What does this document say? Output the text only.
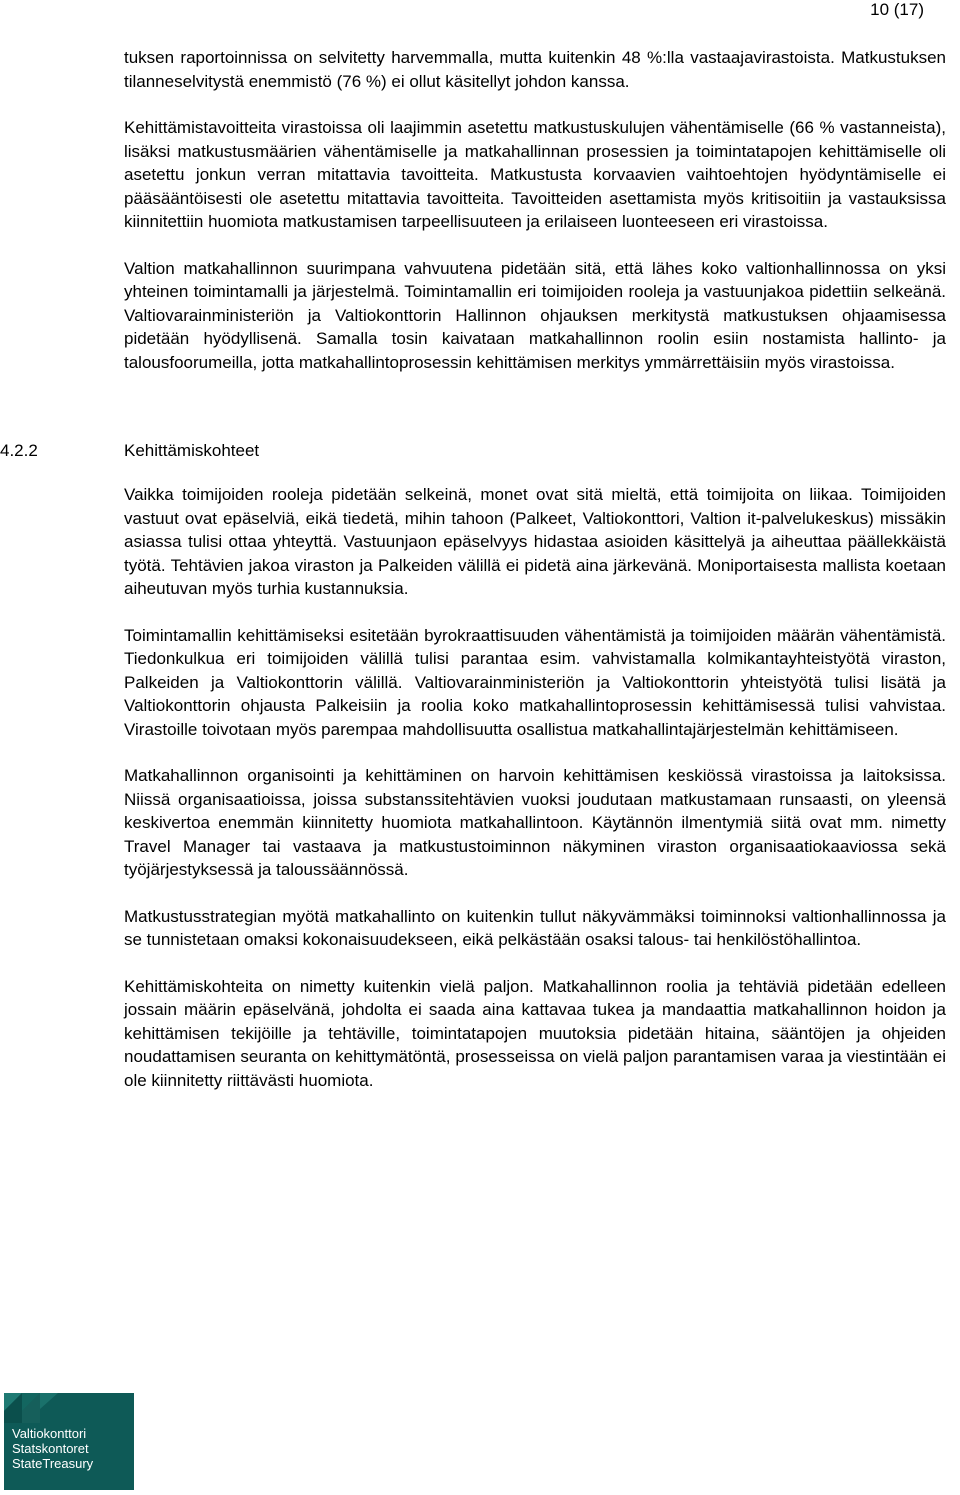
10 (17)

tuksen raportoinnissa on selvitetty harvemmalla, mutta kuitenkin 48 %:lla vastaajavirastoista. Matkustuksen tilanneselvitystä enemmistö (76 %) ei ollut käsitellyt johdon kanssa.

Kehittämistavoitteita virastoissa oli laajimmin asetettu matkustuskulujen vähentämiselle (66 % vastanneista), lisäksi matkustusmäärien vähentämiselle ja matkahallinnan prosessien ja toimintatapojen kehittämiselle oli asetettu jonkun verran mitattavia tavoitteita. Matkustusta korvaavien vaihtoehtojen hyödyntämiselle ei pääsääntöisesti ole asetettu mitattavia tavoitteita. Tavoitteiden asettamista myös kritisoitiin ja vastauksissa kiinnitettiin huomiota matkustamisen tarpeellisuuteen ja erilaiseen luonteeseen eri virastoissa.

Valtion matkahallinnon suurimpana vahvuutena pidetään sitä, että lähes koko valtionhallinnossa on yksi yhteinen toimintamalli ja järjestelmä. Toimintamallin eri toimijoiden rooleja ja vastuunjakoa pidettiin selkeänä. Valtiovarainministeriön ja Valtiokonttorin Hallinnon ohjauksen merkitystä matkustuksen ohjaamisessa pidetään hyödyllisenä. Samalla tosin kaivataan matkahallinnon roolin esiin nostamista hallinto- ja talousfoorumeilla, jotta matkahallintoprosessin kehittämisen merkitys ymmärrettäisiin myös virastoissa.

4.2.2	Kehittämiskohteet

Vaikka toimijoiden rooleja pidetään selkeinä, monet ovat sitä mieltä, että toimijoita on liikaa. Toimijoiden vastuut ovat epäselviä, eikä tiedetä, mihin tahoon (Palkeet, Valtiokonttori, Valtion it-palvelukeskus) missäkin asiassa tulisi ottaa yhteyttä. Vastuunjaon epäselvyys hidastaa asioiden käsittelyä ja aiheuttaa päällekkäistä työtä. Tehtävien jakoa viraston ja Palkeiden välillä ei pidetä aina järkevänä. Moniportaisesta mallista koetaan aiheutuvan myös turhia kustannuksia.

Toimintamallin kehittämiseksi esitetään byrokraattisuuden vähentämistä ja toimijoiden määrän vähentämistä. Tiedonkulkua eri toimijoiden välillä tulisi parantaa esim. vahvistamalla kolmikantayhteistyötä viraston, Palkeiden ja Valtiokonttorin välillä. Valtiovarainministeriön ja Valtiokonttorin yhteistyötä tulisi lisätä ja Valtiokonttorin ohjausta Palkeisiin ja roolia koko matkahallintoprosessin kehittämisessä tulisi vahvistaa. Virastoille toivotaan myös parempaa mahdollisuutta osallistua matkahallintajärjestelmän kehittämiseen.

Matkahallinnon organisointi ja kehittäminen on harvoin kehittämisen keskiössä virastoissa ja laitoksissa. Niissä organisaatioissa, joissa substanssitehtävien vuoksi joudutaan matkustamaan runsaasti, on yleensä keskivertoa enemmän kiinnitetty huomiota matkahallintoon. Käytännön ilmentymiä siitä ovat mm. nimetty Travel Manager tai vastaava ja matkustustoiminnon näkyminen viraston organisaatiokaaviossa sekä työjärjestyksessä ja taloussäännössä.

Matkustusstrategian myötä matkahallinto on kuitenkin tullut näkyvämmäksi toiminnoksi valtionhallinnossa ja se tunnistetaan omaksi kokonaisuudekseen, eikä pelkästään osaksi talous- tai henkilöstöhallintoa.

Kehittämiskohteita on nimetty kuitenkin vielä paljon. Matkahallinnon roolia ja tehtäviä pidetään edelleen jossain määrin epäselvänä, johdolta ei saada aina kattavaa tukea ja mandaattia matkahallinnon hoidon ja kehittämisen tekijöille ja tehtäville, toimintatapojen muutoksia pidetään hitaina, sääntöjen ja ohjeiden noudattamisen seuranta on kehittymätöntä, prosesseissa on vielä paljon parantamisen varaa ja viestintään ei ole kiinnitetty riittävästi huomiota.

Valtiokonttori
Statskontoret
StateTreasury
